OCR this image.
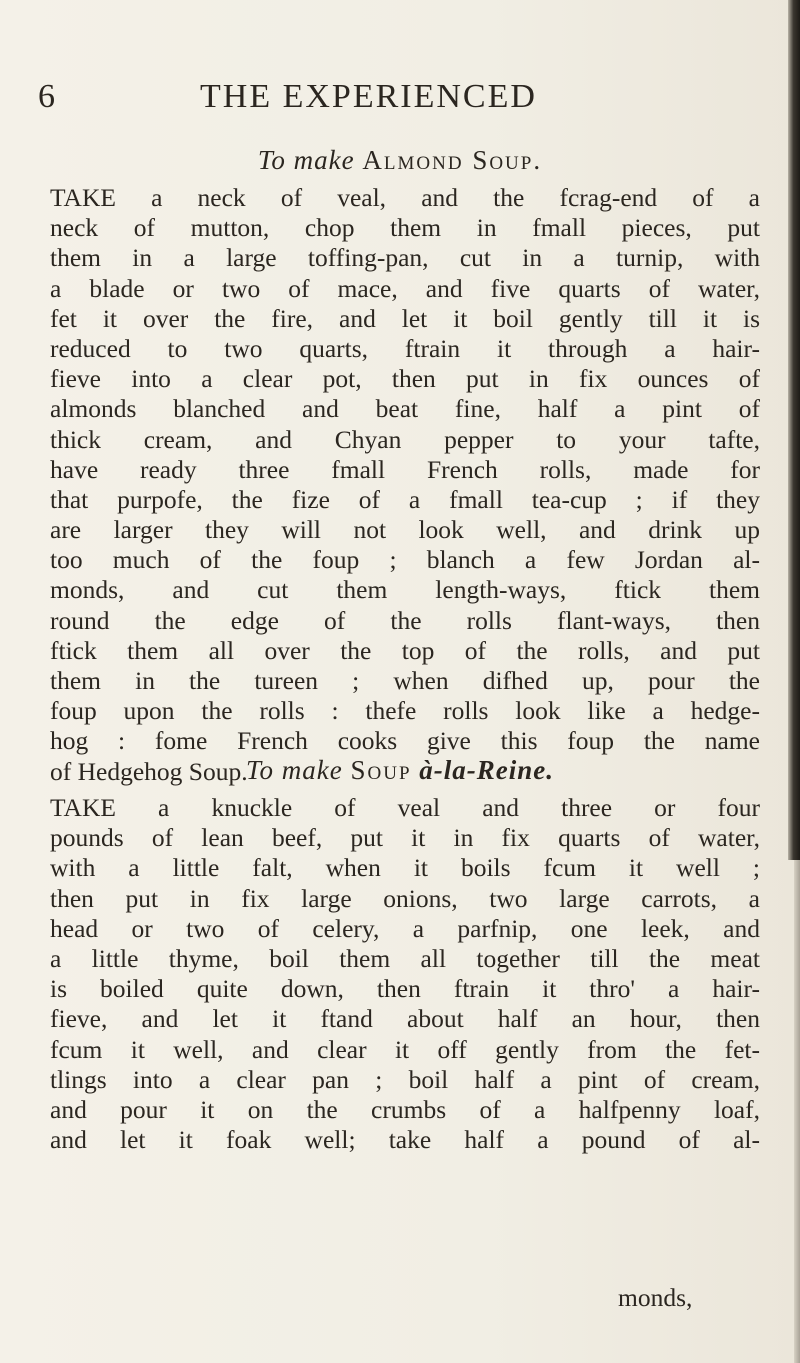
6	THE EXPERIENCED
To make Almond Soup.
TAKE a neck of veal, and the fcrag-end of a
neck of mutton, chop them in fmall pieces, put
them in a large toffing-pan, cut in a turnip, with
a blade or two of mace, and five quarts of water,
fet it over the fire, and let it boil gently till it is
reduced to two quarts, ftrain it through a hair-
fieve into a clear pot, then put in fix ounces of
almonds blanched and beat fine, half a pint of
thick cream, and Chyan pepper to your tafte,
have ready three fmall French rolls, made for
that purpofe, the fize of a fmall tea-cup ; if they
are larger they will not look well, and drink up
too much of the foup ; blanch a few Jordan al-
monds, and cut them length-ways, ftick them
round the edge of the rolls flant-ways, then
ftick them all over the top of the rolls, and put
them in the tureen ; when difhed up, pour the
foup upon the rolls : thefe rolls look like a hedge-
hog : fome French cooks give this foup the name
of Hedgehog Soup.
To make Soup à-la-Reine.
TAKE a knuckle of veal and three or four
pounds of lean beef, put it in fix quarts of water,
with a little falt, when it boils fcum it well ;
then put in fix large onions, two large carrots, a
head or two of celery, a parfnip, one leek, and
a little thyme, boil them all together till the meat
is boiled quite down, then ftrain it thro' a hair-
fieve, and let it ftand about half an hour, then
fcum it well, and clear it off gently from the fet-
tlings into a clear pan ; boil half a pint of cream,
and pour it on the crumbs of a halfpenny loaf,
and let it foak well; take half a pound of al-
monds,
